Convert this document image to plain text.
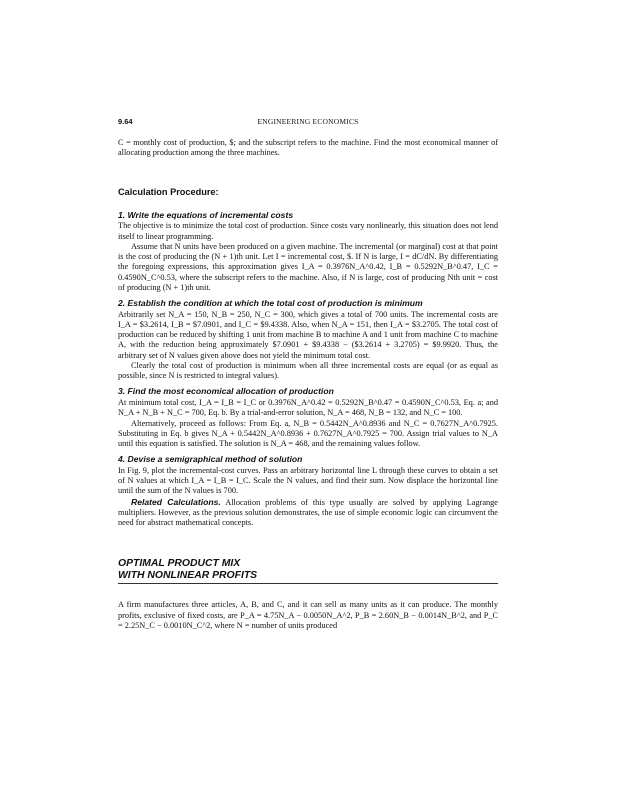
9.64	ENGINEERING ECONOMICS

C = monthly cost of production, $; and the subscript refers to the machine. Find the most economical manner of allocating production among the three machines.

Calculation Procedure:
1. Write the equations of incremental costs

The objective is to minimize the total cost of production. Since costs vary nonlinearly, this situation does not lend itself to linear programming.

Assume that N units have been produced on a given machine. The incremental (or marginal) cost at that point is the cost of producing the (N + 1)th unit. Let I = incremental cost, $. If N is large, I = dC/dN. By differentiating the foregoing expressions, this approximation gives I_A = 0.3976N_A^0.42, I_B = 0.5292N_B^0.47, I_C = 0.4590N_C^0.53, where the subscript refers to the machine. Also, if N is large, cost of producing Nth unit = cost of producing (N + 1)th unit.

2. Establish the condition at which the total cost of production is minimum

Arbitrarily set N_A = 150, N_B = 250, N_C = 300, which gives a total of 700 units. The incremental costs are I_A = $3.2614, I_B = $7.0901, and I_C = $9.4338. Also, when N_A = 151, then I_A = $3.2705. The total cost of production can be reduced by shifting 1 unit from machine B to machine A and 1 unit from machine C to machine A, with the reduction being approximately $7.0901 + $9.4338 − ($3.2614 + 3.2705) = $9.9920. Thus, the arbitrary set of N values given above does not yield the minimum total cost.

Clearly the total cost of production is minimum when all three incremental costs are equal (or as equal as possible, since N is restricted to integral values).

3. Find the most economical allocation of production

At minimum total cost, I_A = I_B = I_C or 0.3976N_A^0.42 = 0.5292N_B^0.47 = 0.4590N_C^0.53, Eq. a; and N_A + N_B + N_C = 700, Eq. b. By a trial-and-error solution, N_A = 468, N_B = 132, and N_C = 100.

Alternatively, proceed as follows: From Eq. a, N_B = 0.5442N_A^0.8936 and N_C = 0.7627N_A^0.7925. Substituting in Eq. b gives N_A + 0.5442N_A^0.8936 + 0.7627N_A^0.7925 = 700. Assign trial values to N_A until this equation is satisfied. The solution is N_A = 468, and the remaining values follow.

4. Devise a semigraphical method of solution

In Fig. 9, plot the incremental-cost curves. Pass an arbitrary horizontal line L through these curves to obtain a set of N values at which I_A = I_B = I_C. Scale the N values, and find their sum. Now displace the horizontal line until the sum of the N values is 700.

Related Calculations. Allocation problems of this type usually are solved by applying Lagrange multipliers. However, as the previous solution demonstrates, the use of simple economic logic can circumvent the need for abstract mathematical concepts.

OPTIMAL PRODUCT MIX
WITH NONLINEAR PROFITS

A firm manufactures three articles, A, B, and C, and it can sell as many units as it can produce. The monthly profits, exclusive of fixed costs, are P_A = 4.75N_A − 0.0050N_A^2, P_B = 2.60N_B − 0.0014N_B^2, and P_C = 2.25N_C − 0.0010N_C^2, where N = number of units produced
